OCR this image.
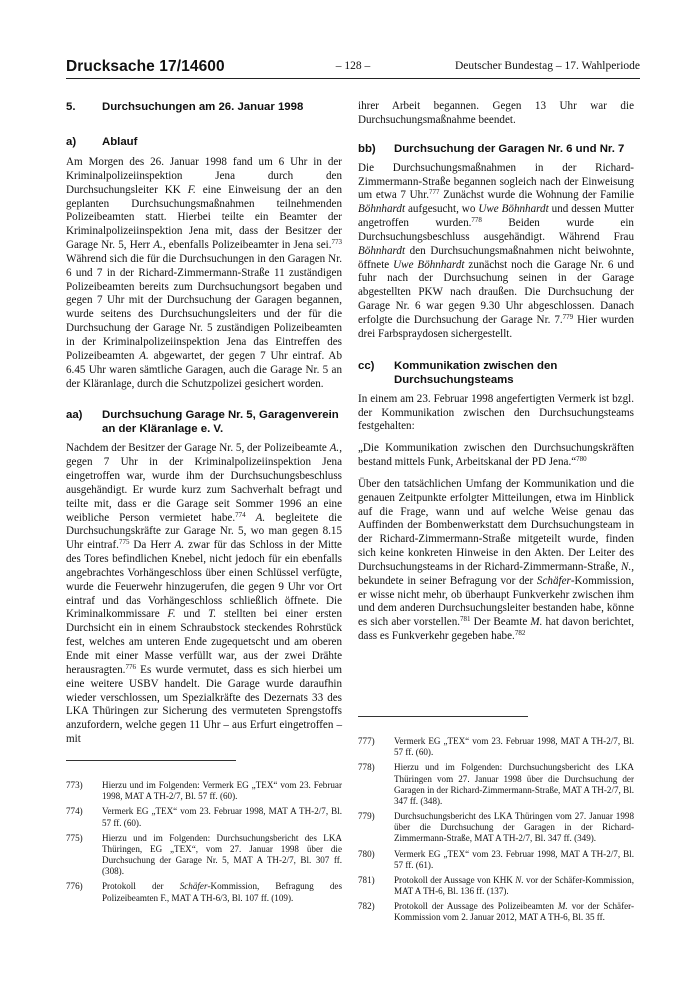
Drucksache 17/14600	– 128 –	Deutscher Bundestag – 17. Wahlperiode
5.	Durchsuchungen am 26. Januar 1998
a)	Ablauf

Am Morgen des 26. Januar 1998 fand um 6 Uhr in der Kriminalpolizeiinspektion Jena durch den Durchsuchungsleiter KK F. eine Einweisung der an den geplanten Durchsuchungsmaßnahmen teilnehmenden Polizeibeamten statt. Hierbei teilte ein Beamter der Kriminalpolizeiinspektion Jena mit, dass der Besitzer der Garage Nr. 5, Herr A., ebenfalls Polizeibeamter in Jena sei.$^{773}$ Während sich die für die Durchsuchungen in den Garagen Nr. 6 und 7 in der Richard-Zimmermann-Straße 11 zuständigen Polizeibeamten bereits zum Durchsuchungsort begaben und gegen 7 Uhr mit der Durchsuchung der Garagen begannen, wurde seitens des Durchsuchungsleiters und der für die Durchsuchung der Garage Nr. 5 zuständigen Polizeibeamten in der Kriminalpolizeiinspektion Jena das Eintreffen des Polizeibeamten A. abgewartet, der gegen 7 Uhr eintraf. Ab 6.45 Uhr waren sämtliche Garagen, auch die Garage Nr. 5 an der Kläranlage, durch die Schutzpolizei gesichert worden.

aa)	Durchsuchung Garage Nr. 5, Garagenverein an der Kläranlage e. V.

Nachdem der Besitzer der Garage Nr. 5, der Polizeibeamte A., gegen 7 Uhr in der Kriminalpolizeiinspektion Jena eingetroffen war, wurde ihm der Durchsuchungsbeschluss ausgehändigt. Er wurde kurz zum Sachverhalt befragt und teilte mit, dass er die Garage seit Sommer 1996 an eine weibliche Person vermietet habe.$^{774}$ A. begleitete die Durchsuchungskräfte zur Garage Nr. 5, wo man gegen 8.15 Uhr eintraf.$^{775}$ Da Herr A. zwar für das Schloss in der Mitte des Tores befindlichen Knebel, nicht jedoch für ein ebenfalls angebrachtes Vorhängeschloss über einen Schlüssel verfügte, wurde die Feuerwehr hinzugerufen, die gegen 9 Uhr vor Ort eintraf und das Vorhängeschloss schließlich öffnete. Die Kriminalkommissare F. und T. stellten bei einer ersten Durchsicht ein in einem Schraubstock steckendes Rohrstück fest, welches am unteren Ende zugequetscht und am oberen Ende mit einer Masse verfüllt war, aus der zwei Drähte herausragten.$^{776}$ Es wurde vermutet, dass es sich hierbei um eine weitere USBV handelt. Die Garage wurde daraufhin wieder verschlossen, um Spezialkräfte des Dezernats 33 des LKA Thüringen zur Sicherung des vermuteten Sprengstoffs anzufordern, welche gegen 11 Uhr – aus Erfurt eingetroffen – mit

ihrer Arbeit begannen. Gegen 13 Uhr war die Durchsuchungsmaßnahme beendet.

bb)	Durchsuchung der Garagen Nr. 6 und Nr. 7

Die Durchsuchungsmaßnahmen in der Richard-Zimmermann-Straße begannen sogleich nach der Einweisung um etwa 7 Uhr.$^{777}$ Zunächst wurde die Wohnung der Familie Böhnhardt aufgesucht, wo Uwe Böhnhardt und dessen Mutter angetroffen wurden.$^{778}$ Beiden wurde ein Durchsuchungsbeschluss ausgehändigt. Während Frau Böhnhardt den Durchsuchungsmaßnahmen nicht beiwohnte, öffnete Uwe Böhnhardt zunächst noch die Garage Nr. 6 und fuhr nach der Durchsuchung seinen in der Garage abgestellten PKW nach draußen. Die Durchsuchung der Garage Nr. 6 war gegen 9.30 Uhr abgeschlossen. Danach erfolgte die Durchsuchung der Garage Nr. 7.$^{779}$ Hier wurden drei Farbspraydosen sichergestellt.

cc)	Kommunikation zwischen den Durchsuchungsteams

In einem am 23. Februar 1998 angefertigten Vermerk ist bzgl. der Kommunikation zwischen den Durchsuchungsteams festgehalten:

„Die Kommunikation zwischen den Durchsuchungskräften bestand mittels Funk, Arbeitskanal der PD Jena.“$^{780}$

Über den tatsächlichen Umfang der Kommunikation und die genauen Zeitpunkte erfolgter Mitteilungen, etwa im Hinblick auf die Frage, wann und auf welche Weise genau das Auffinden der Bombenwerkstatt dem Durchsuchungsteam in der Richard-Zimmermann-Straße mitgeteilt wurde, finden sich keine konkreten Hinweise in den Akten. Der Leiter des Durchsuchungsteams in der Richard-Zimmermann-Straße, N., bekundete in seiner Befragung vor der Schäfer-Kommission, er wisse nicht mehr, ob überhaupt Funkverkehr zwischen ihm und dem anderen Durchsuchungsleiter bestanden habe, könne es sich aber vorstellen.$^{781}$ Der Beamte M. hat davon berichtet, dass es Funkverkehr gegeben habe.$^{782}$

773)	Hierzu und im Folgenden: Vermerk EG „TEX“ vom 23. Februar 1998, MAT A TH-2/7, Bl. 57 ff. (60).
774)	Vermerk EG „TEX“ vom 23. Februar 1998, MAT A TH-2/7, Bl. 57 ff. (60).
775)	Hierzu und im Folgenden: Durchsuchungsbericht des LKA Thüringen, EG „TEX“, vom 27. Januar 1998 über die Durchsuchung der Garage Nr. 5, MAT A TH-2/7, Bl. 307 ff. (308).
776)	Protokoll der Schäfer-Kommission, Befragung des Polizeibeamten F., MAT A TH-6/3, Bl. 107 ff. (109).
777)	Vermerk EG „TEX“ vom 23. Februar 1998, MAT A TH-2/7, Bl. 57 ff. (60).
778)	Hierzu und im Folgenden: Durchsuchungsbericht des LKA Thüringen vom 27. Januar 1998 über die Durchsuchung der Garagen in der Richard-Zimmermann-Straße, MAT A TH-2/7, Bl. 347 ff. (348).
779)	Durchsuchungsbericht des LKA Thüringen vom 27. Januar 1998 über die Durchsuchung der Garagen in der Richard-Zimmermann-Straße, MAT A TH-2/7, Bl. 347 ff. (349).
780)	Vermerk EG „TEX“ vom 23. Februar 1998, MAT A TH-2/7, Bl. 57 ff. (61).
781)	Protokoll der Aussage von KHK N. vor der Schäfer-Kommission, MAT A TH-6, Bl. 136 ff. (137).
782)	Protokoll der Aussage des Polizeibeamten M. vor der Schäfer-Kommission vom 2. Januar 2012, MAT A TH-6, Bl. 35 ff.
